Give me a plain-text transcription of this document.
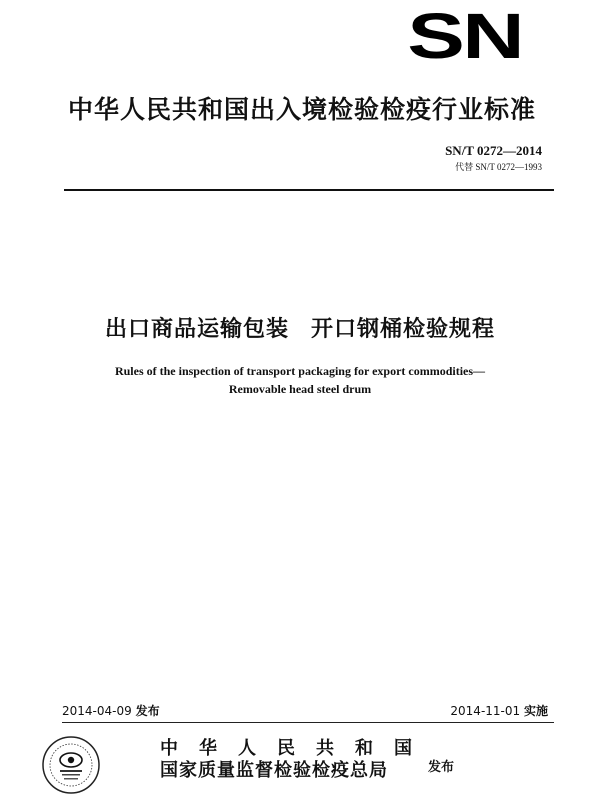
SN
中华人民共和国出入境检验检疫行业标准
SN/T 0272—2014
代替 SN/T 0272—1993
出口商品运输包装 开口钢桶检验规程
Rules of the inspection of transport packaging for export commodities—
Removable head steel drum
2014-04-09 发布	2014-11-01 实施
中华人民共和国
国家质量监督检验检疫总局	发布
